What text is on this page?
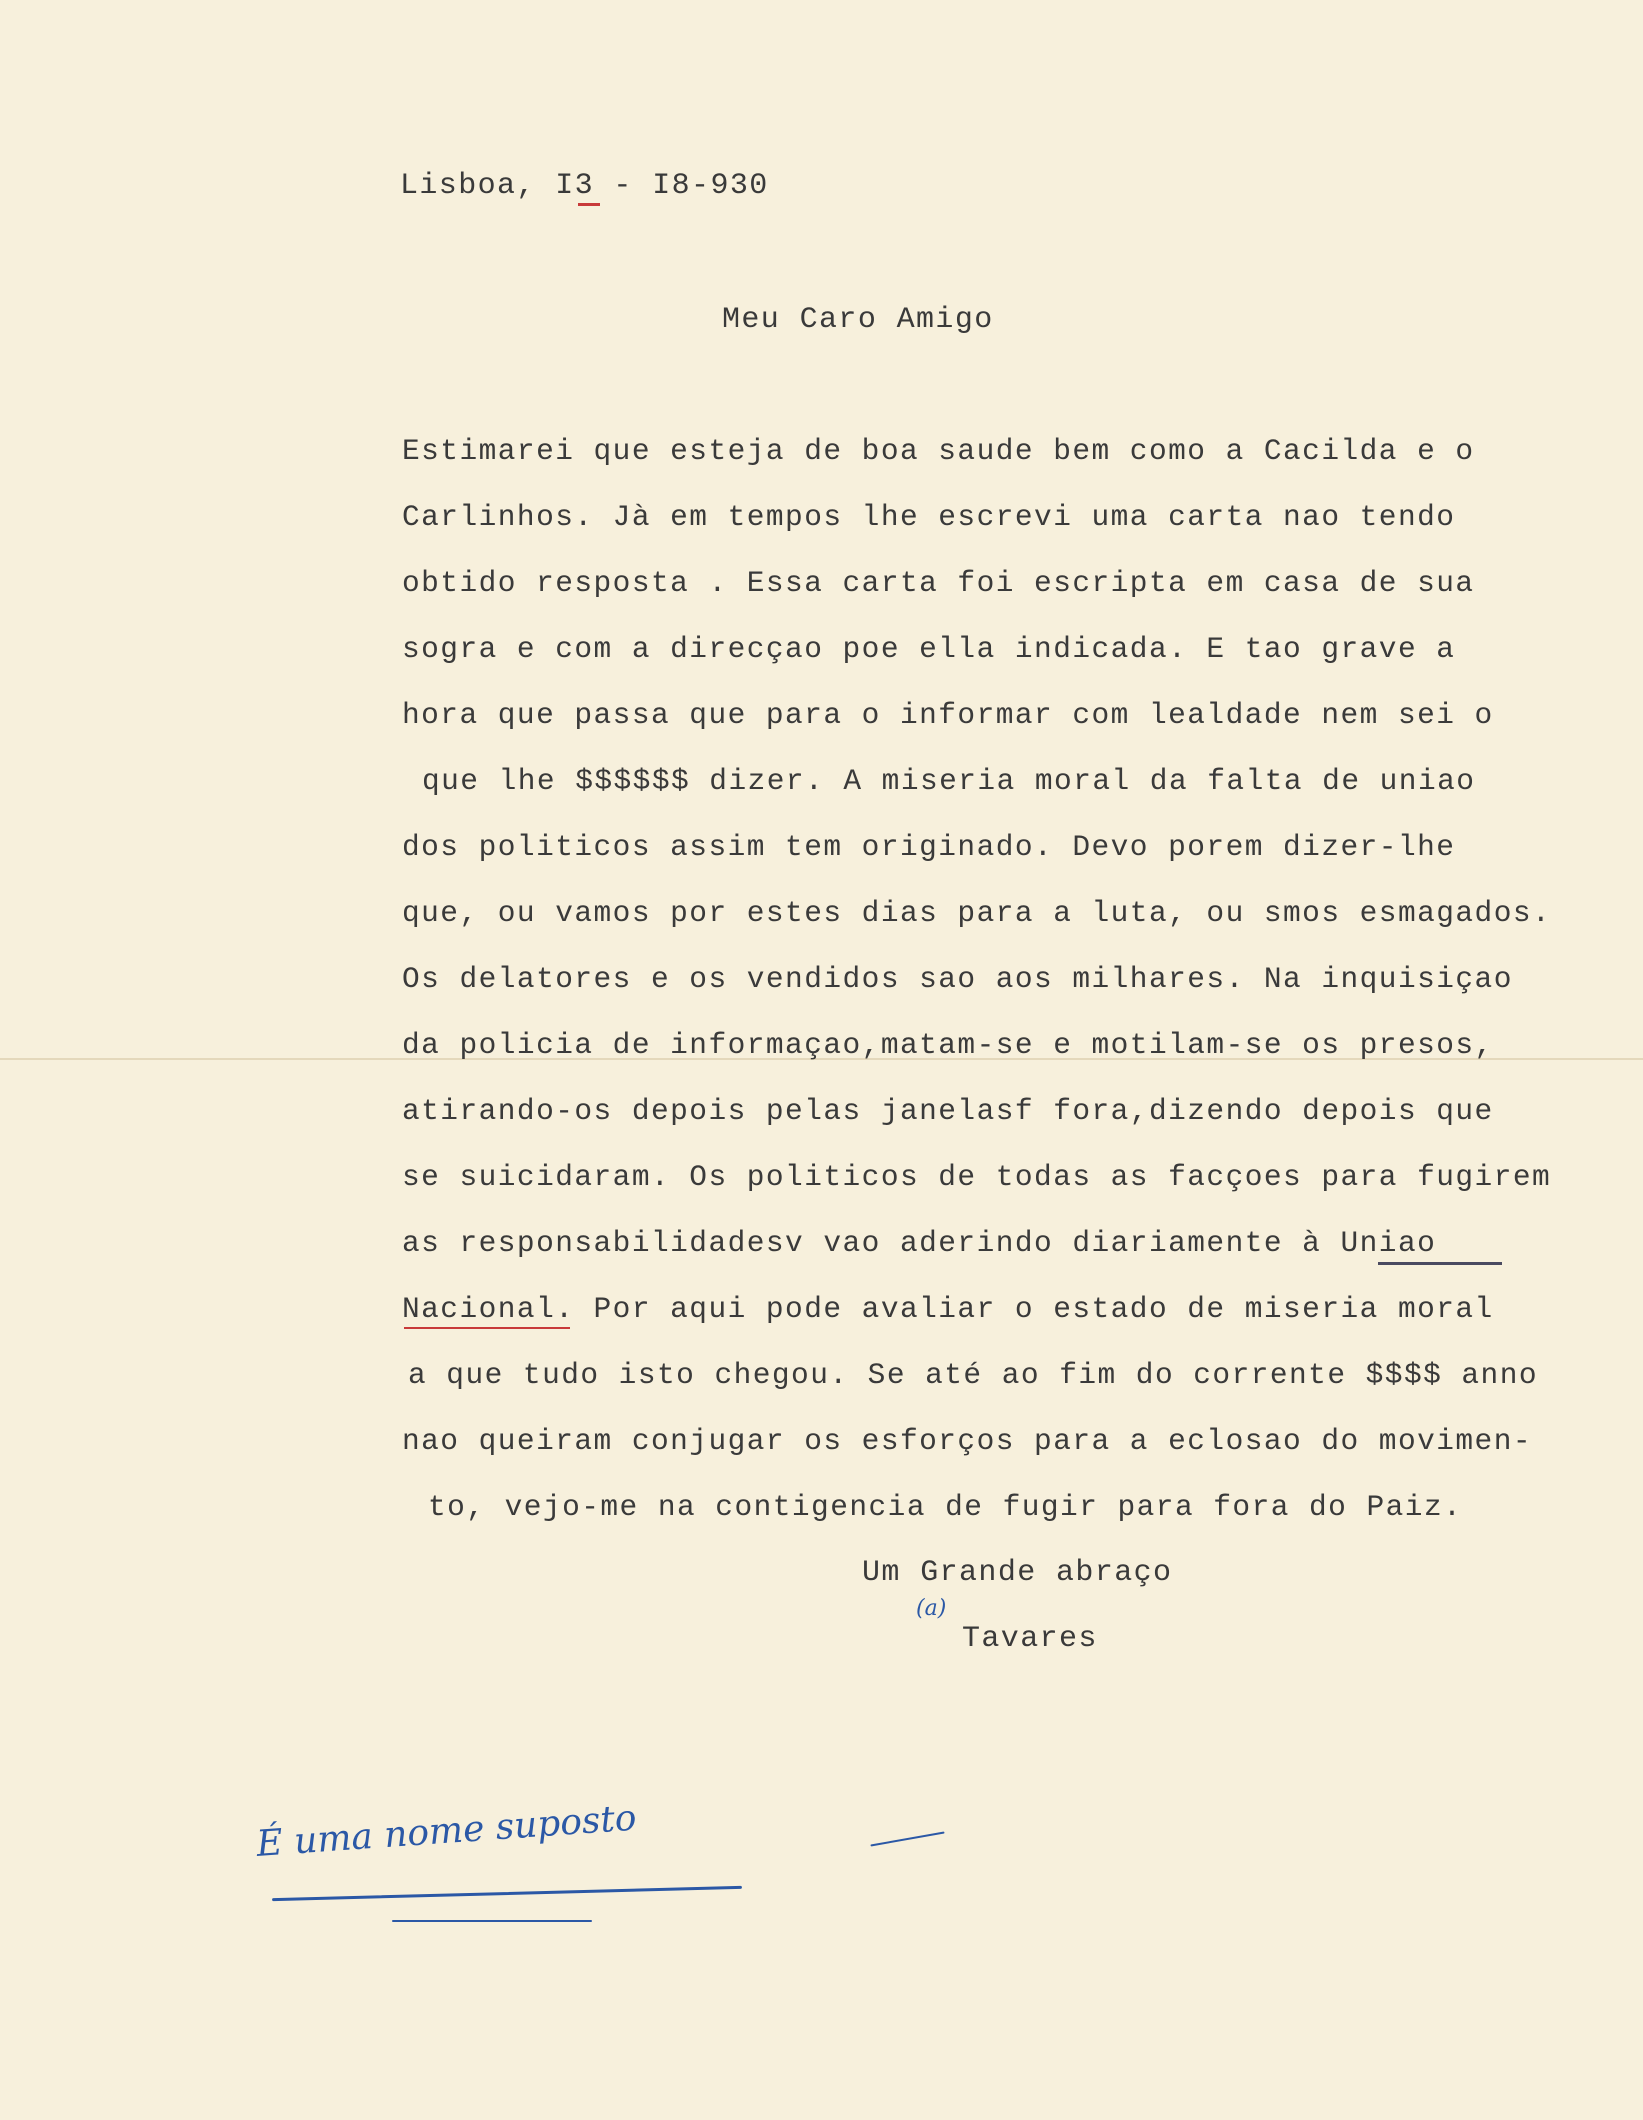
Lisboa, I3 - I8-930
Meu Caro Amigo
Estimarei que esteja de boa saude bem como a Cacilda e o
Carlinhos. Jà em tempos lhe escrevi uma carta nao tendo
obtido resposta . Essa carta foi escripta em casa de sua
sogra e com a direcçao poe ella indicada. E tao grave a
hora que passa que para o informar com lealdade nem sei o
que lhe $$$$$$ dizer. A miseria moral da falta de uniao
dos politicos assim tem originado. Devo porem dizer-lhe
que, ou vamos por estes dias para a luta, ou smos esmagados.
Os delatores e os vendidos sao aos milhares. Na inquisiçao
da policia de informaçao,matam-se e motilam-se os presos,
atirando-os depois pelas janelasf fora,dizendo depois que
se suicidaram. Os politicos de todas as facçoes para fugirem
as responsabilidadesv vao aderindo diariamente à Uniao
Nacional. Por aqui pode avaliar o estado de miseria moral
a que tudo isto chegou. Se até ao fim do corrente $$$$ anno
nao queiram conjugar os esforços para a eclosao do movimen-
to, vejo-me na contigencia de fugir para fora do Paiz.
Um Grande abraço
(a)
Tavares
É uma nome suposto
